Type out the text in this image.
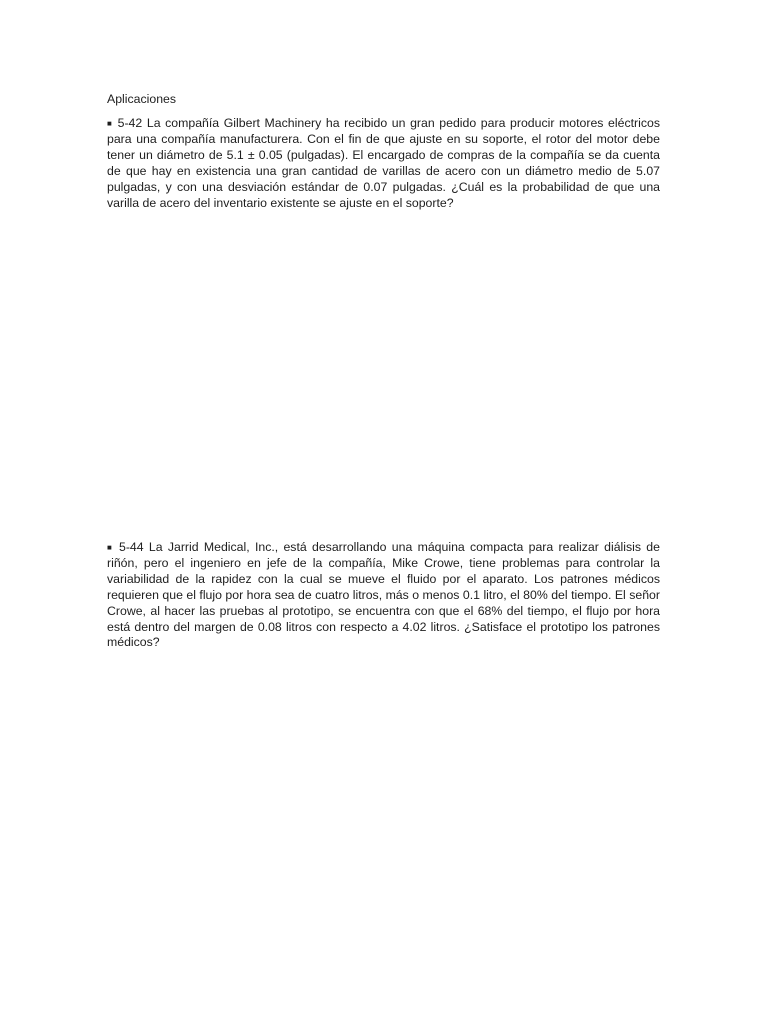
Aplicaciones

■ 5-42 La compañía Gilbert Machinery ha recibido un gran pedido para producir motores eléctricos para una compañía manufacturera. Con el fin de que ajuste en su soporte, el rotor del motor debe tener un diámetro de 5.1 ± 0.05 (pulgadas). El encargado de compras de la compañía se da cuenta de que hay en existencia una gran cantidad de varillas de acero con un diámetro medio de 5.07 pulgadas, y con una desviación estándar de 0.07 pulgadas. ¿Cuál es la probabilidad de que una varilla de acero del inventario existente se ajuste en el soporte?

■ 5-44 La Jarrid Medical, Inc., está desarrollando una máquina compacta para realizar diálisis de riñón, pero el ingeniero en jefe de la compañía, Mike Crowe, tiene problemas para controlar la variabilidad de la rapidez con la cual se mueve el fluido por el aparato. Los patrones médicos requieren que el flujo por hora sea de cuatro litros, más o menos 0.1 litro, el 80% del tiempo. El señor Crowe, al hacer las pruebas al prototipo, se encuentra con que el 68% del tiempo, el flujo por hora está dentro del margen de 0.08 litros con respecto a 4.02 litros. ¿Satisface el prototipo los patrones médicos?
